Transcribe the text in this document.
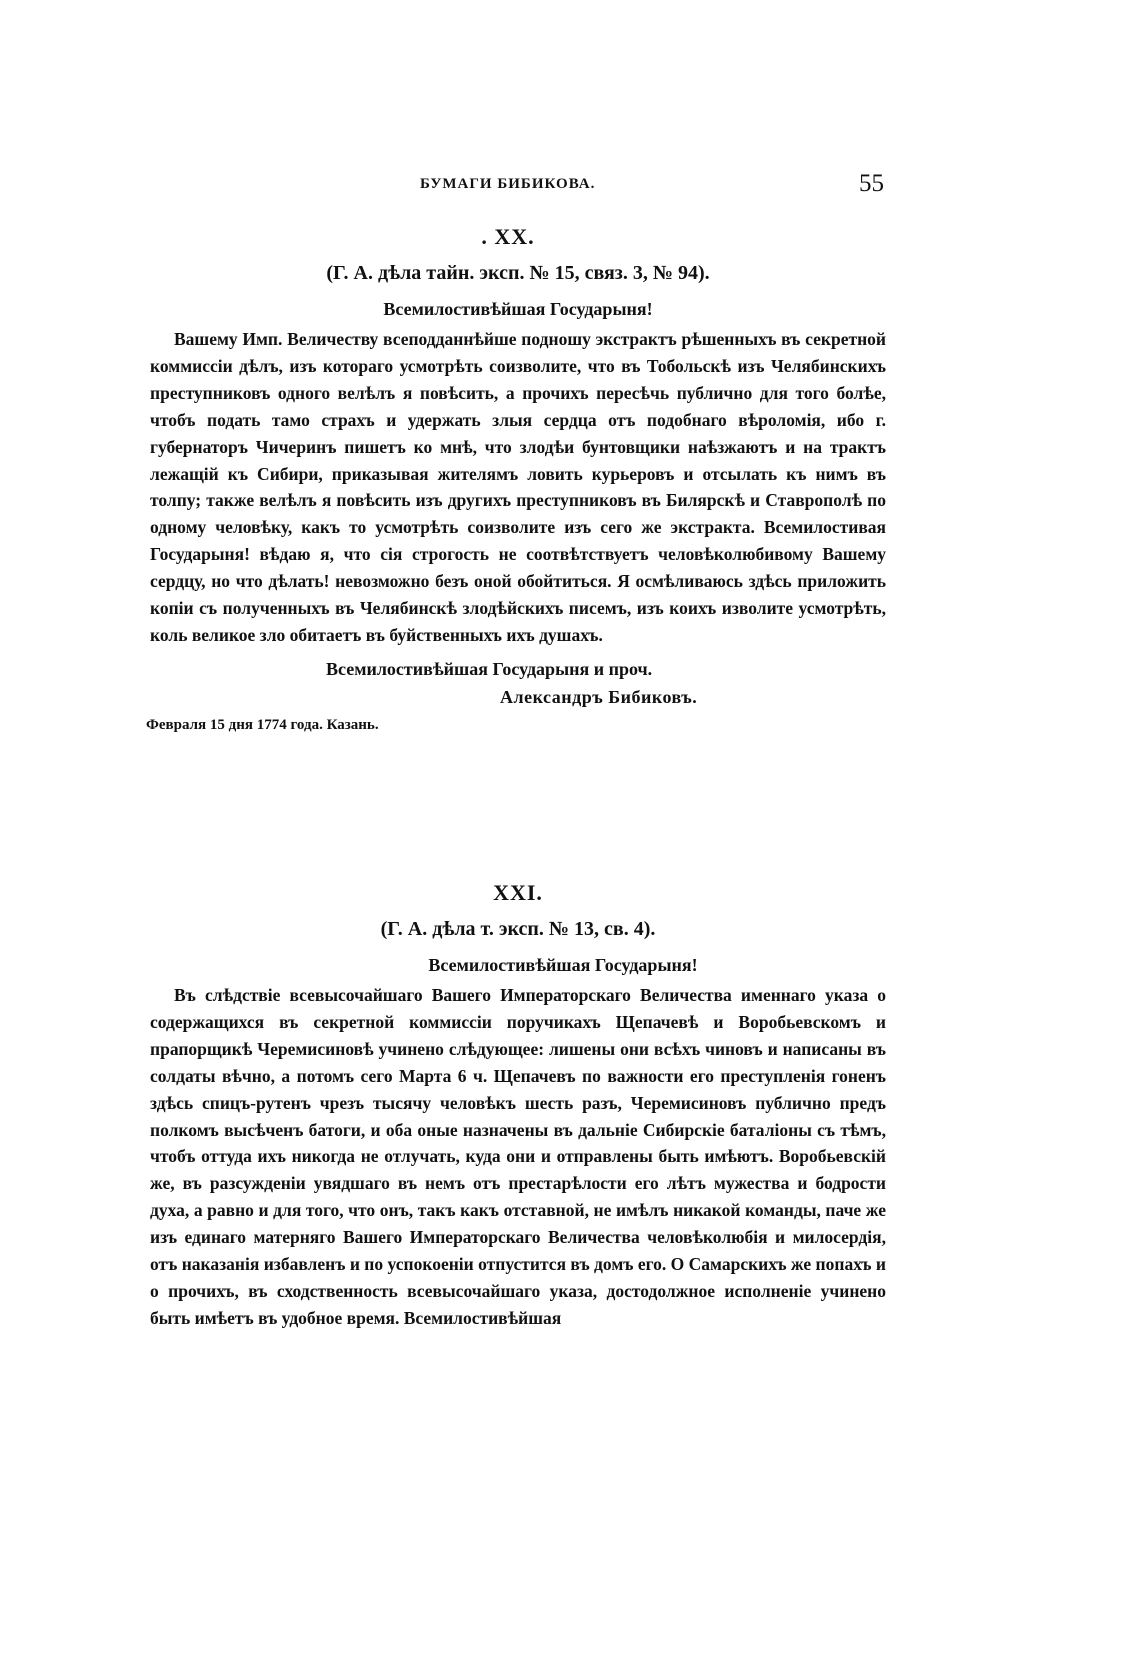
БУМАГИ БИБИКОВА.	55
. XX.
(Г. А. дѣла тайн. эксп. № 15, связ. 3, № 94).
Всемилостивѣйшая Государыня!

Вашему Имп. Величеству всеподданнѣйше подношу экстрактъ рѣшенныхъ въ секретной коммиссіи дѣлъ, изъ котораго усмотрѣть соизволите, что въ Тобольскѣ изъ Челябинскихъ преступниковъ одного велѣлъ я повѣсить, а прочихъ пересѣчь публично для того болѣе, чтобъ подать тамо страхъ и удержать злыя сердца отъ подобнаго вѣроломія, ибо г. губернаторъ Чичеринъ пишетъ ко мнѣ, что злодѣи бунтовщики наѣзжаютъ и на трактъ лежащій къ Сибири, приказывая жителямъ ловить курьеровъ и отсылать къ нимъ въ толпу; также велѣлъ я повѣсить изъ другихъ преступниковъ въ Билярскѣ и Ставрополѣ по одному человѣку, какъ то усмотрѣть соизволите изъ сего же экстракта. Всемилостивая Государыня! вѣдаю я, что сія строгость не соотвѣтствуетъ человѣколюбивому Вашему сердцу, но что дѣлать! невозможно безъ оной обойтиться. Я осмѣливаюсь здѣсь приложить копіи съ полученныхъ въ Челябинскѣ злодѣйскихъ писемъ, изъ коихъ изволите усмотрѣть, коль великое зло обитаетъ въ буйственныхъ ихъ душахъ.

Всемилостивѣйшая Государыня и проч.
Александръ Бибиковъ.
Февраля 15 дня 1774 года. Казань.
XXI.
(Г. А. дѣла т. эксп. № 13, св. 4).
Всемилостивѣйшая Государыня!

Въ слѣдствіе всевысочайшаго Вашего Императорскаго Величества именнаго указа о содержащихся въ секретной коммиссіи поручикахъ Щепачевѣ и Воробьевскомъ и прапорщикѣ Черемисиновѣ учинено слѣдующее: лишены они всѣхъ чиновъ и написаны въ солдаты вѣчно, а потомъ сего Марта 6 ч. Щепачевъ по важности его преступленія гоненъ здѣсь спицъ-рутенъ чрезъ тысячу человѣкъ шесть разъ, Черемисиновъ публично предъ полкомъ высѣченъ батоги, и оба оные назначены въ дальніе Сибирскіе баталіоны съ тѣмъ, чтобъ оттуда ихъ никогда не отлучать, куда они и отправлены быть имѣютъ. Воробьевскій же, въ разсужденіи увядшаго въ немъ отъ престарѣлости его лѣтъ мужества и бодрости духа, а равно и для того, что онъ, такъ какъ отставной, не имѣлъ никакой команды, паче же изъ единаго матерняго Вашего Императорскаго Величества человѣколюбія и милосердія, отъ наказанія избавленъ и по успокоеніи отпустится въ домъ его. О Самарскихъ же попахъ и о прочихъ, въ сходственность всевысочайшаго указа, достодолжное исполненіе учинено быть имѣетъ въ удобное время. Всемилостивѣйшая
